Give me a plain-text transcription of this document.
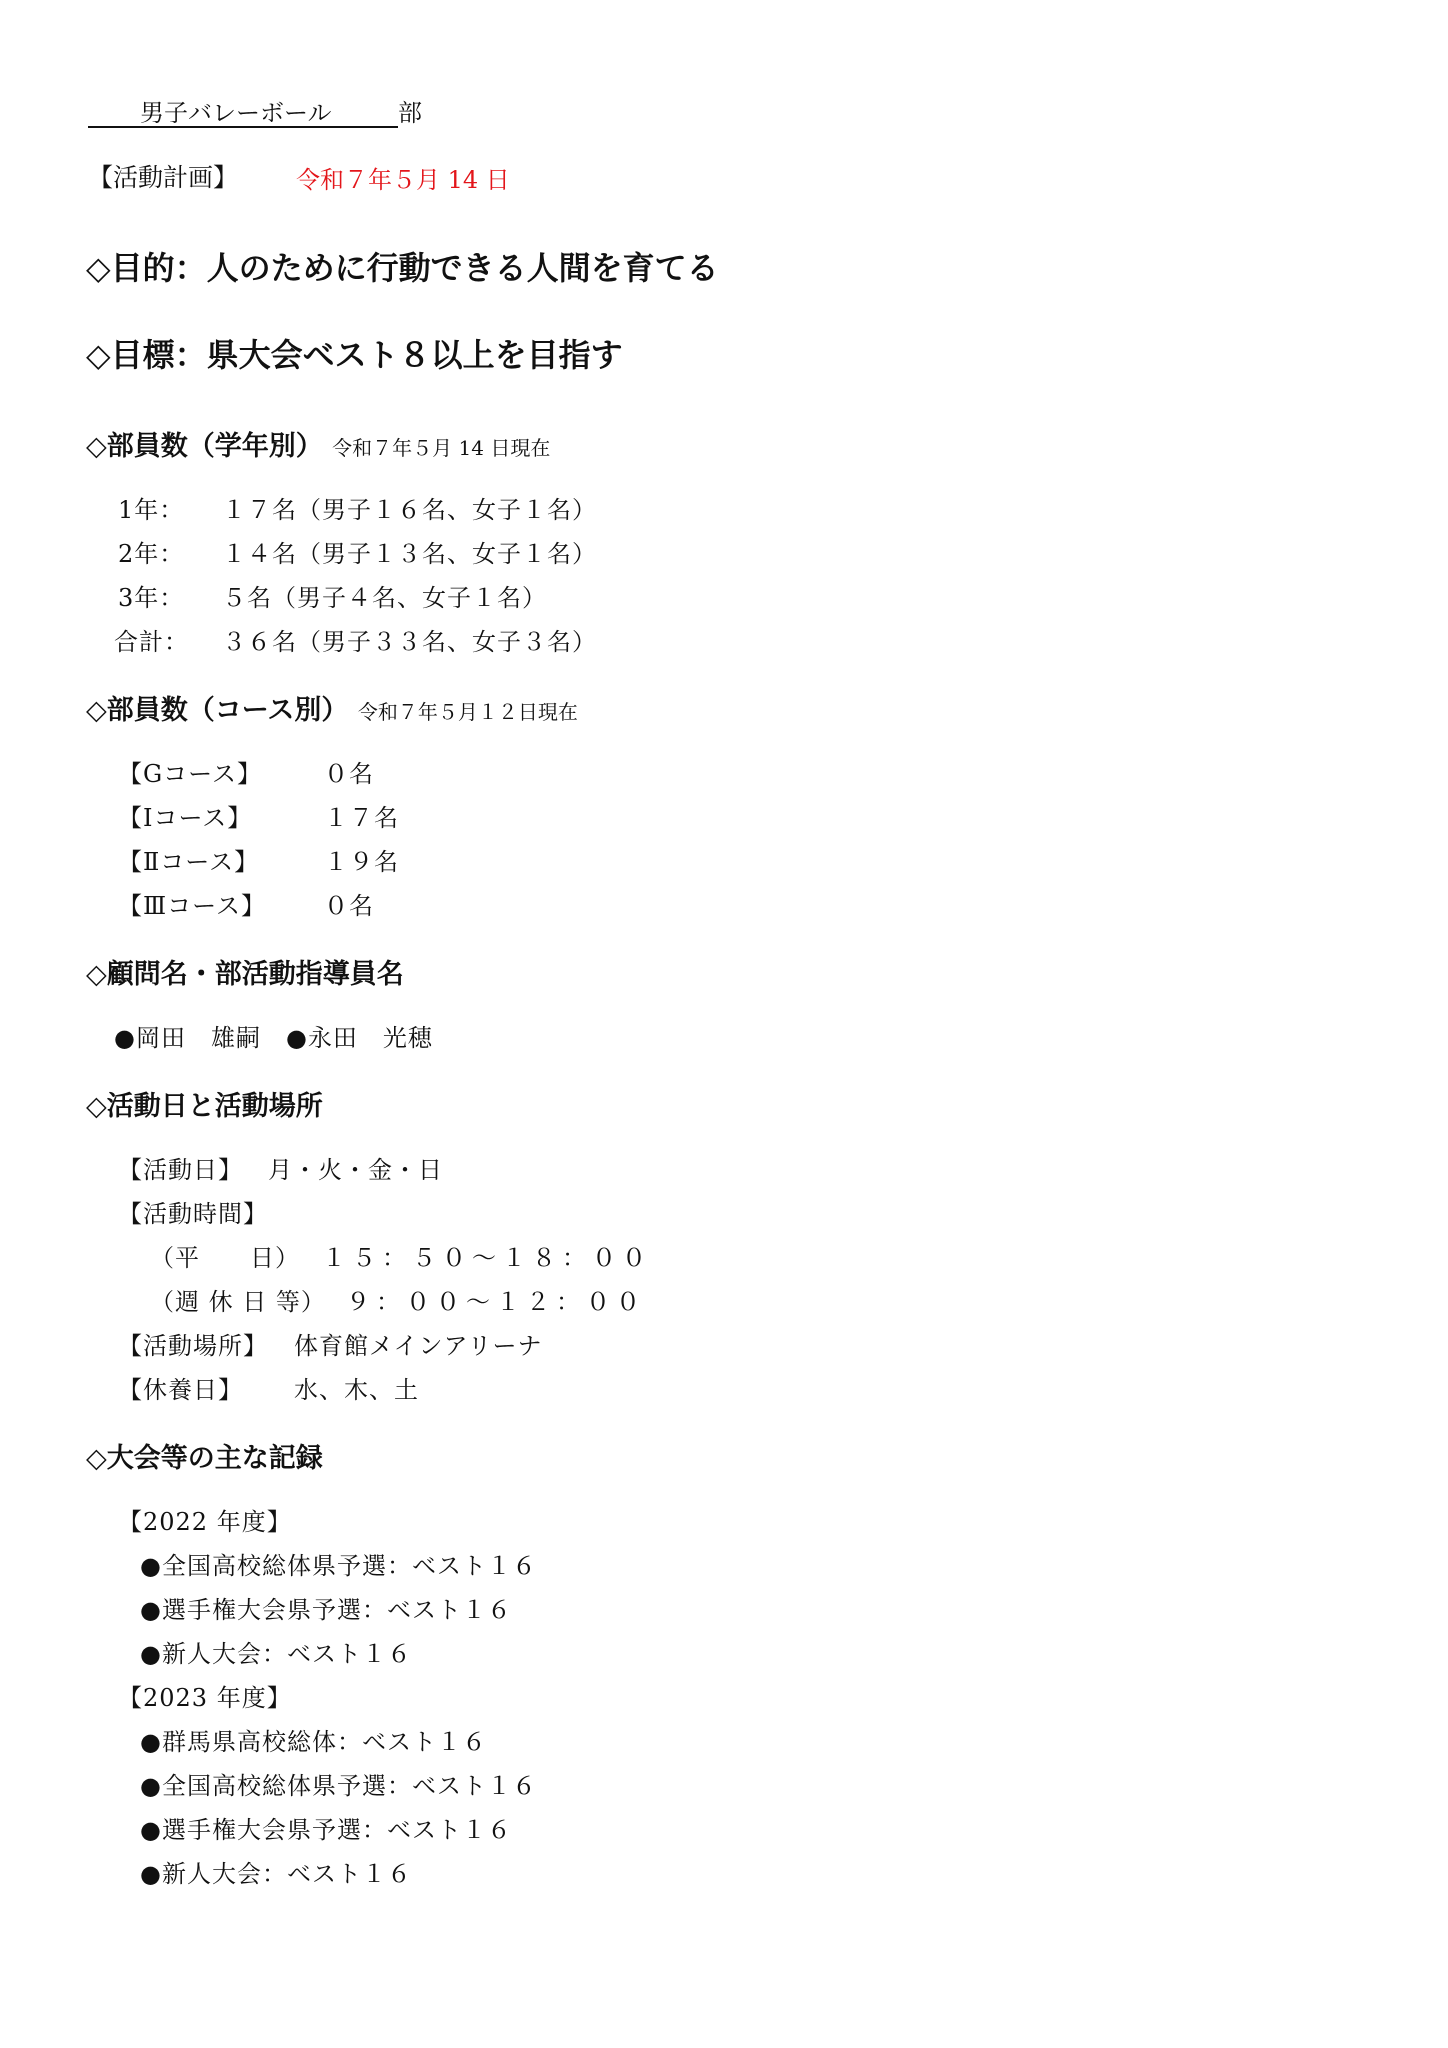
男子バレーボール	部
【活動計画】 令和７年５月 14 日
◇目的：人のために行動できる人間を育てる
◇目標：県大会ベスト８以上を目指す
◇部員数（学年別） 令和７年５月 14 日現在
1年： １７名（男子１６名、女子１名）
2年： １４名（男子１３名、女子１名）
3年： ５名（男子４名、女子１名）
合計： ３６名（男子３３名、女子３名）
◇部員数（コース別） 令和７年５月１２日現在
【Gコース】	０名
【Ⅰコース】	１７名
【Ⅱコース】	１９名
【Ⅲコース】 ０名
◇顧問名・部活動指導員名
●岡田　雄嗣　●永田　光穂
◇活動日と活動場所
【活動日】 月・火・金・日
【活動時間】
（平　　日） １５：５０～１８：００
（週 休 日 等） ９：００～１２：００
【活動場所】 体育館メインアリーナ
【休養日】 水、木、土
◇大会等の主な記録
【2022 年度】
●全国高校総体県予選：ベスト１６
●選手権大会県予選：ベスト１６
●新人大会：ベスト１６
【2023 年度】
●群馬県高校総体：ベスト１６
●全国高校総体県予選：ベスト１６
●選手権大会県予選：ベスト１６
●新人大会：ベスト１６
